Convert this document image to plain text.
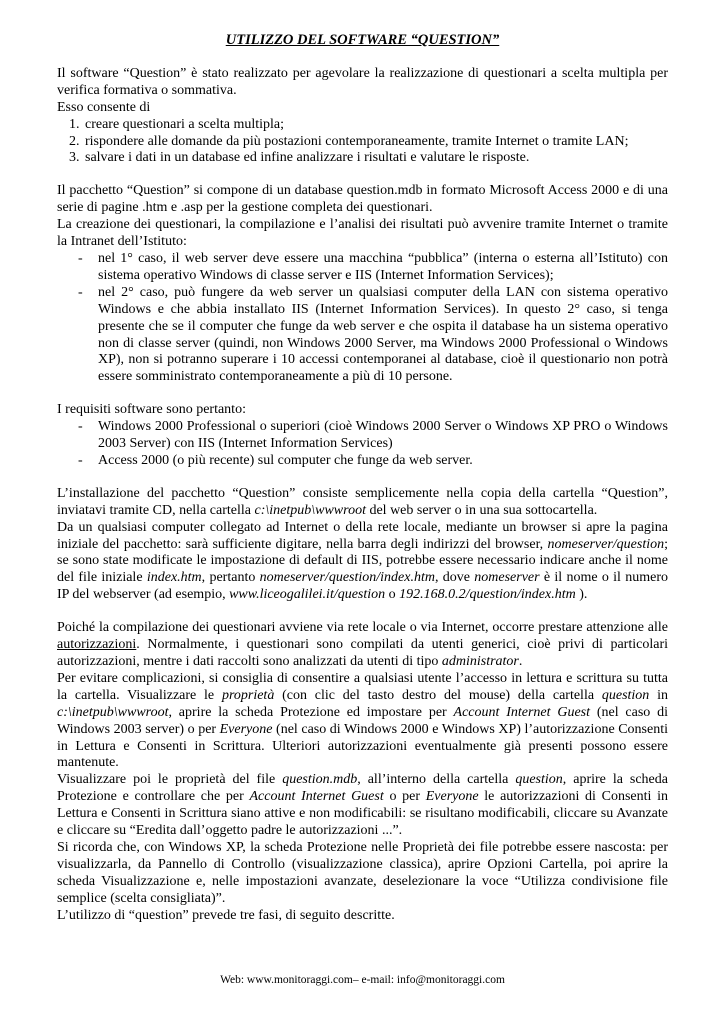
UTILIZZO DEL SOFTWARE “QUESTION”

Il software “Question” è stato realizzato per agevolare la realizzazione di questionari a scelta multipla per verifica formativa o sommativa.

Esso consente di

1. creare questionari a scelta multipla;
2. rispondere alle domande da più postazioni contemporaneamente, tramite Internet o tramite LAN;
3. salvare i dati in un database ed infine analizzare i risultati e valutare le risposte.

Il pacchetto “Question” si compone di un database question.mdb in formato Microsoft Access 2000 e di una serie di pagine .htm e .asp per la gestione completa dei questionari.

La creazione dei questionari, la compilazione e l’analisi dei risultati può avvenire tramite Internet o tramite la Intranet dell’Istituto:

- nel 1° caso, il web server deve essere una macchina “pubblica” (interna o esterna all’Istituto) con sistema operativo Windows di classe server e IIS (Internet Information Services);
- nel 2° caso, può fungere da web server un qualsiasi computer della LAN con sistema operativo Windows e che abbia installato IIS (Internet Information Services). In questo 2° caso, si tenga presente che se il computer che funge da web server e che ospita il database ha un sistema operativo non di classe server (quindi, non Windows 2000 Server, ma Windows 2000 Professional o Windows XP), non si potranno superare i 10 accessi contemporanei al database, cioè il questionario non potrà essere somministrato contemporaneamente a più di 10 persone.

I requisiti software sono pertanto:

- Windows 2000 Professional o superiori (cioè Windows 2000 Server o Windows XP PRO o Windows 2003 Server) con IIS (Internet Information Services)
- Access 2000 (o più recente) sul computer che funge da web server.

L’installazione del pacchetto “Question” consiste semplicemente nella copia della cartella “Question”, inviatavi tramite CD, nella cartella c:\inetpub\wwwroot del web server o in una sua sottocartella.

Da un qualsiasi computer collegato ad Internet o della rete locale, mediante un browser si apre la pagina iniziale del pacchetto: sarà sufficiente digitare, nella barra degli indirizzi del browser, nomeserver/question; se sono state modificate le impostazione di default di IIS, potrebbe essere necessario indicare anche il nome del file iniziale index.htm, pertanto nomeserver/question/index.htm, dove nomeserver è il nome o il numero IP del webserver (ad esempio, www.liceogalilei.it/question o 192.168.0.2/question/index.htm ).

Poiché la compilazione dei questionari avviene via rete locale o via Internet, occorre prestare attenzione alle autorizzazioni. Normalmente, i questionari sono compilati da utenti generici, cioè privi di particolari autorizzazioni, mentre i dati raccolti sono analizzati da utenti di tipo administrator.

Per evitare complicazioni, si consiglia di consentire a qualsiasi utente l’accesso in lettura e scrittura su tutta la cartella. Visualizzare le proprietà (con clic del tasto destro del mouse) della cartella question in c:\inetpub\wwwroot, aprire la scheda Protezione ed impostare per Account Internet Guest (nel caso di Windows 2003 server) o per Everyone (nel caso di Windows 2000 e Windows XP) l’autorizzazione Consenti in Lettura e Consenti in Scrittura. Ulteriori autorizzazioni eventualmente già presenti possono essere mantenute.

Visualizzare poi le proprietà del file question.mdb, all’interno della cartella question, aprire la scheda Protezione e controllare che per Account Internet Guest o per Everyone le autorizzazioni di Consenti in Lettura e Consenti in Scrittura siano attive e non modificabili: se risultano modificabili, cliccare su Avanzate e cliccare su “Eredita dall’oggetto padre le autorizzazioni ...”.

Si ricorda che, con Windows XP, la scheda Protezione nelle Proprietà dei file potrebbe essere nascosta: per visualizzarla, da Pannello di Controllo (visualizzazione classica), aprire Opzioni Cartella, poi aprire la scheda Visualizzazione e, nelle impostazioni avanzate, deselezionare la voce “Utilizza condivisione file semplice (scelta consigliata)”.

L’utilizzo di “question” prevede tre fasi, di seguito descritte.

Web: www.monitoraggi.com– e-mail: info@monitoraggi.com
